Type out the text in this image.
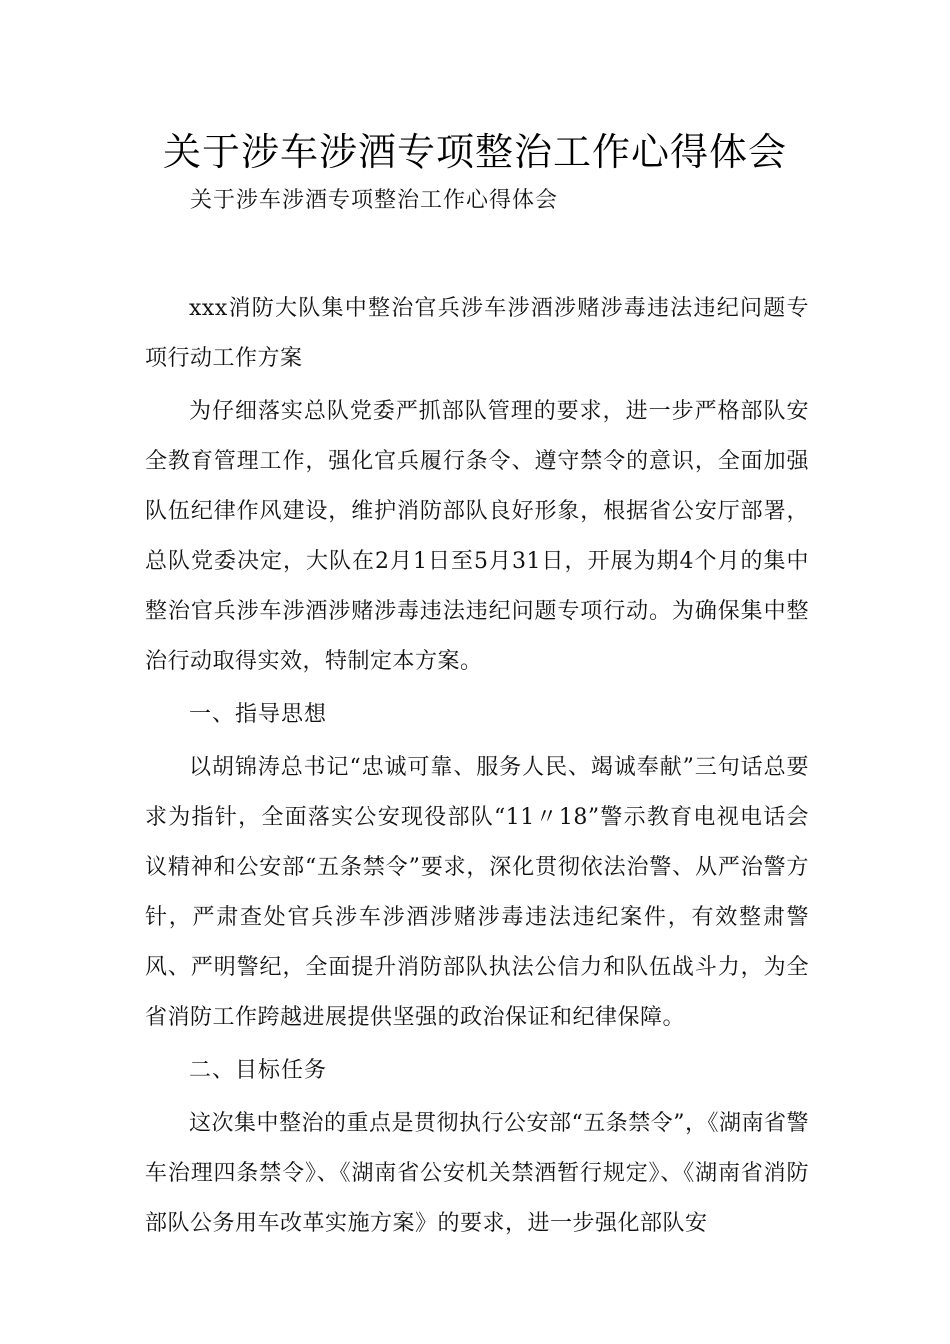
关于涉车涉酒专项整治工作心得体会

关于涉车涉酒专项整治工作心得体会

xxx消防大队集中整治官兵涉车涉酒涉赌涉毒违法违纪问题专项行动工作方案

为仔细落实总队党委严抓部队管理的要求，进一步严格部队安全教育管理工作，强化官兵履行条令、遵守禁令的意识，全面加强队伍纪律作风建设，维护消防部队良好形象，根据省公安厅部署，总队党委决定，大队在2月1日至5月31日，开展为期4个月的集中整治官兵涉车涉酒涉赌涉毒违法违纪问题专项行动。为确保集中整治行动取得实效，特制定本方案。

一、指导思想

以胡锦涛总书记“忠诚可靠、服务人民、竭诚奉献”三句话总要求为指针，全面落实公安现役部队“11〃18”警示教育电视电话会议精神和公安部“五条禁令”要求，深化贯彻依法治警、从严治警方针，严肃查处官兵涉车涉酒涉赌涉毒违法违纪案件，有效整肃警风、严明警纪，全面提升消防部队执法公信力和队伍战斗力，为全省消防工作跨越进展提供坚强的政治保证和纪律保障。

二、目标任务

这次集中整治的重点是贯彻执行公安部“五条禁令”，《湖南省警车治理四条禁令》、《湖南省公安机关禁酒暂行规定》、《湖南省消防部队公务用车改革实施方案》的要求，进一步强化部队安
